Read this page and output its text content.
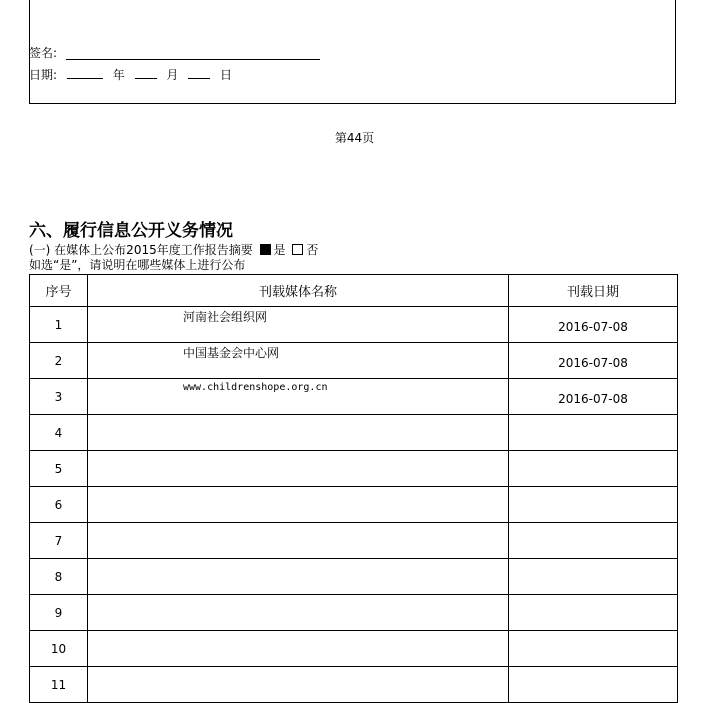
签名:
日期:	年	月	日
第44页
六、履行信息公开义务情况
(一) 在媒体上公布2015年度工作报告摘要 是 否
如选“是”，请说明在哪些媒体上进行公布
序号	刊载媒体名称	刊载日期
1	河南社会组织网	2016-07-08
2	中国基金会中心网	2016-07-08
3	www.childrenshope.org.cn	2016-07-08
4	

5	

6	

7	

8	

9	

10	

11	
